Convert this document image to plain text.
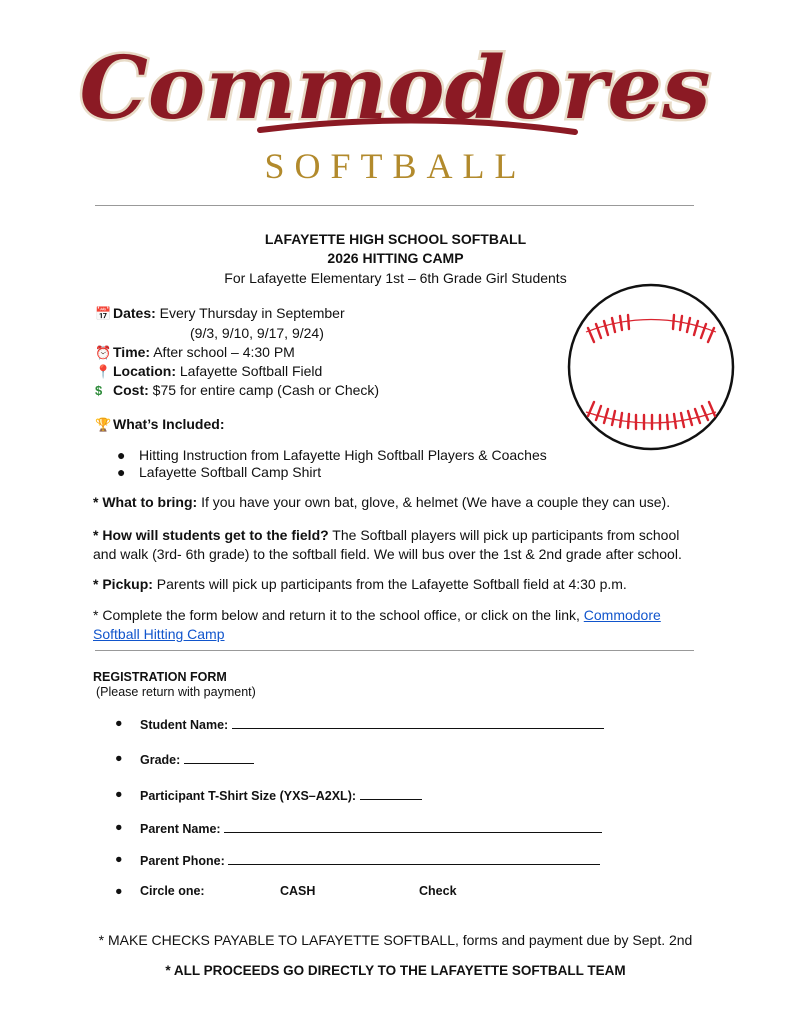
Commodores
SOFTBALL
LAFAYETTE HIGH SCHOOL SOFTBALL
2026 HITTING CAMP
For Lafayette Elementary 1st – 6th Grade Girl Students
📅 Dates: Every Thursday in September
(9/3, 9/10, 9/17, 9/24)
⏰ Time: After school – 4:30 PM
📍 Location: Lafayette Softball Field
$ Cost: $75 for entire camp (Cash or Check)
🏆 What’s Included:
● Hitting Instruction from Lafayette High Softball Players & Coaches
● Lafayette Softball Camp Shirt
* What to bring: If you have your own bat, glove, & helmet (We have a couple they can use).
* How will students get to the field? The Softball players will pick up participants from school and walk (3rd- 6th grade) to the softball field. We will bus over the 1st & 2nd grade after school.
* Pickup: Parents will pick up participants from the Lafayette Softball field at 4:30 p.m.
* Complete the form below and return it to the school office, or click on the link, Commodore Softball Hitting Camp
REGISTRATION FORM
(Please return with payment)
● Student Name:
● Grade:
● Participant T-Shirt Size (YXS–A2XL):
● Parent Name:
● Parent Phone:
● Circle one:	CASH	Check
* MAKE CHECKS PAYABLE TO LAFAYETTE SOFTBALL, forms and payment due by Sept. 2nd
* ALL PROCEEDS GO DIRECTLY TO THE LAFAYETTE SOFTBALL TEAM
